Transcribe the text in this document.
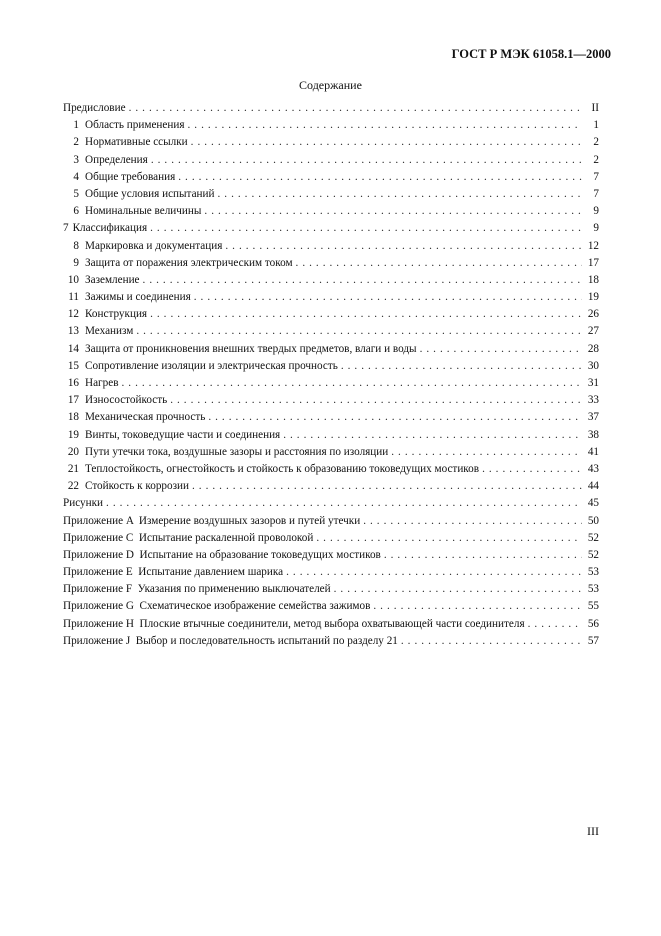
ГОСТ Р МЭК 61058.1—2000
Содержание
Предисловие . . .	II
1 Область применения . . .	1
2 Нормативные ссылки . . .	2
3 Определения . . .	2
4 Общие требования . . .	7
5 Общие условия испытаний . . .	7
6 Номинальные величины . . .	9
7 Классификация . . .	9
8 Маркировка и документация . . .	12
9 Защита от поражения электрическим током . . .	17
10 Заземление . . .	18
11 Зажимы и соединения . . .	19
12 Конструкция . . .	26
13 Механизм . . .	27
14 Защита от проникновения внешних твердых предметов, влаги и воды . . .	28
15 Сопротивление изоляции и электрическая прочность . . .	30
16 Нагрев . . .	31
17 Износостойкость . . .	33
18 Механическая прочность . . .	37
19 Винты, токоведущие части и соединения . . .	38
20 Пути утечки тока, воздушные зазоры и расстояния по изоляции . . .	41
21 Теплостойкость, огнестойкость и стойкость к образованию токоведущих мостиков . . .	43
22 Стойкость к коррозии . . .	44
Рисунки . . .	45
Приложение A  Измерение воздушных зазоров и путей утечки . . .	50
Приложение C  Испытание раскаленной проволокой . . .	52
Приложение D  Испытание на образование токоведущих мостиков . . .	52
Приложение E  Испытание давлением шарика . . .	53
Приложение F  Указания по применению выключателей . . .	53
Приложение G  Схематическое изображение семейства зажимов . . .	55
Приложение H  Плоские втычные соединители, метод выбора охватывающей части соединителя . . .	56
Приложение J  Выбор и последовательность испытаний по разделу 21 . . .	57
III
